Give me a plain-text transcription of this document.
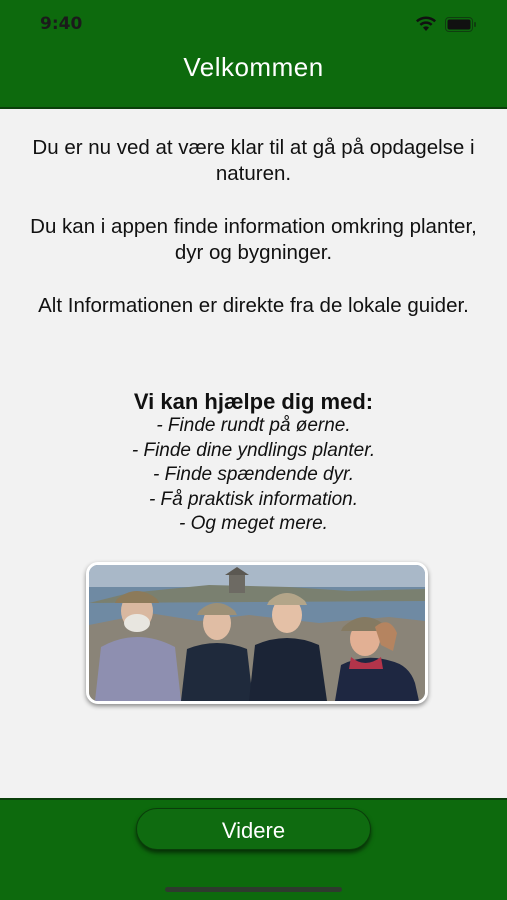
9:40
Velkommen
Du er nu ved at være klar til at gå på opdagelse i naturen.
Du kan i appen finde information omkring planter, dyr og bygninger.
Alt Informationen er direkte fra de lokale guider.
Vi kan hjælpe dig med:
- Finde rundt på øerne.
- Finde dine yndlings planter.
- Finde spændende dyr.
- Få praktisk information.
- Og meget mere.
Videre
